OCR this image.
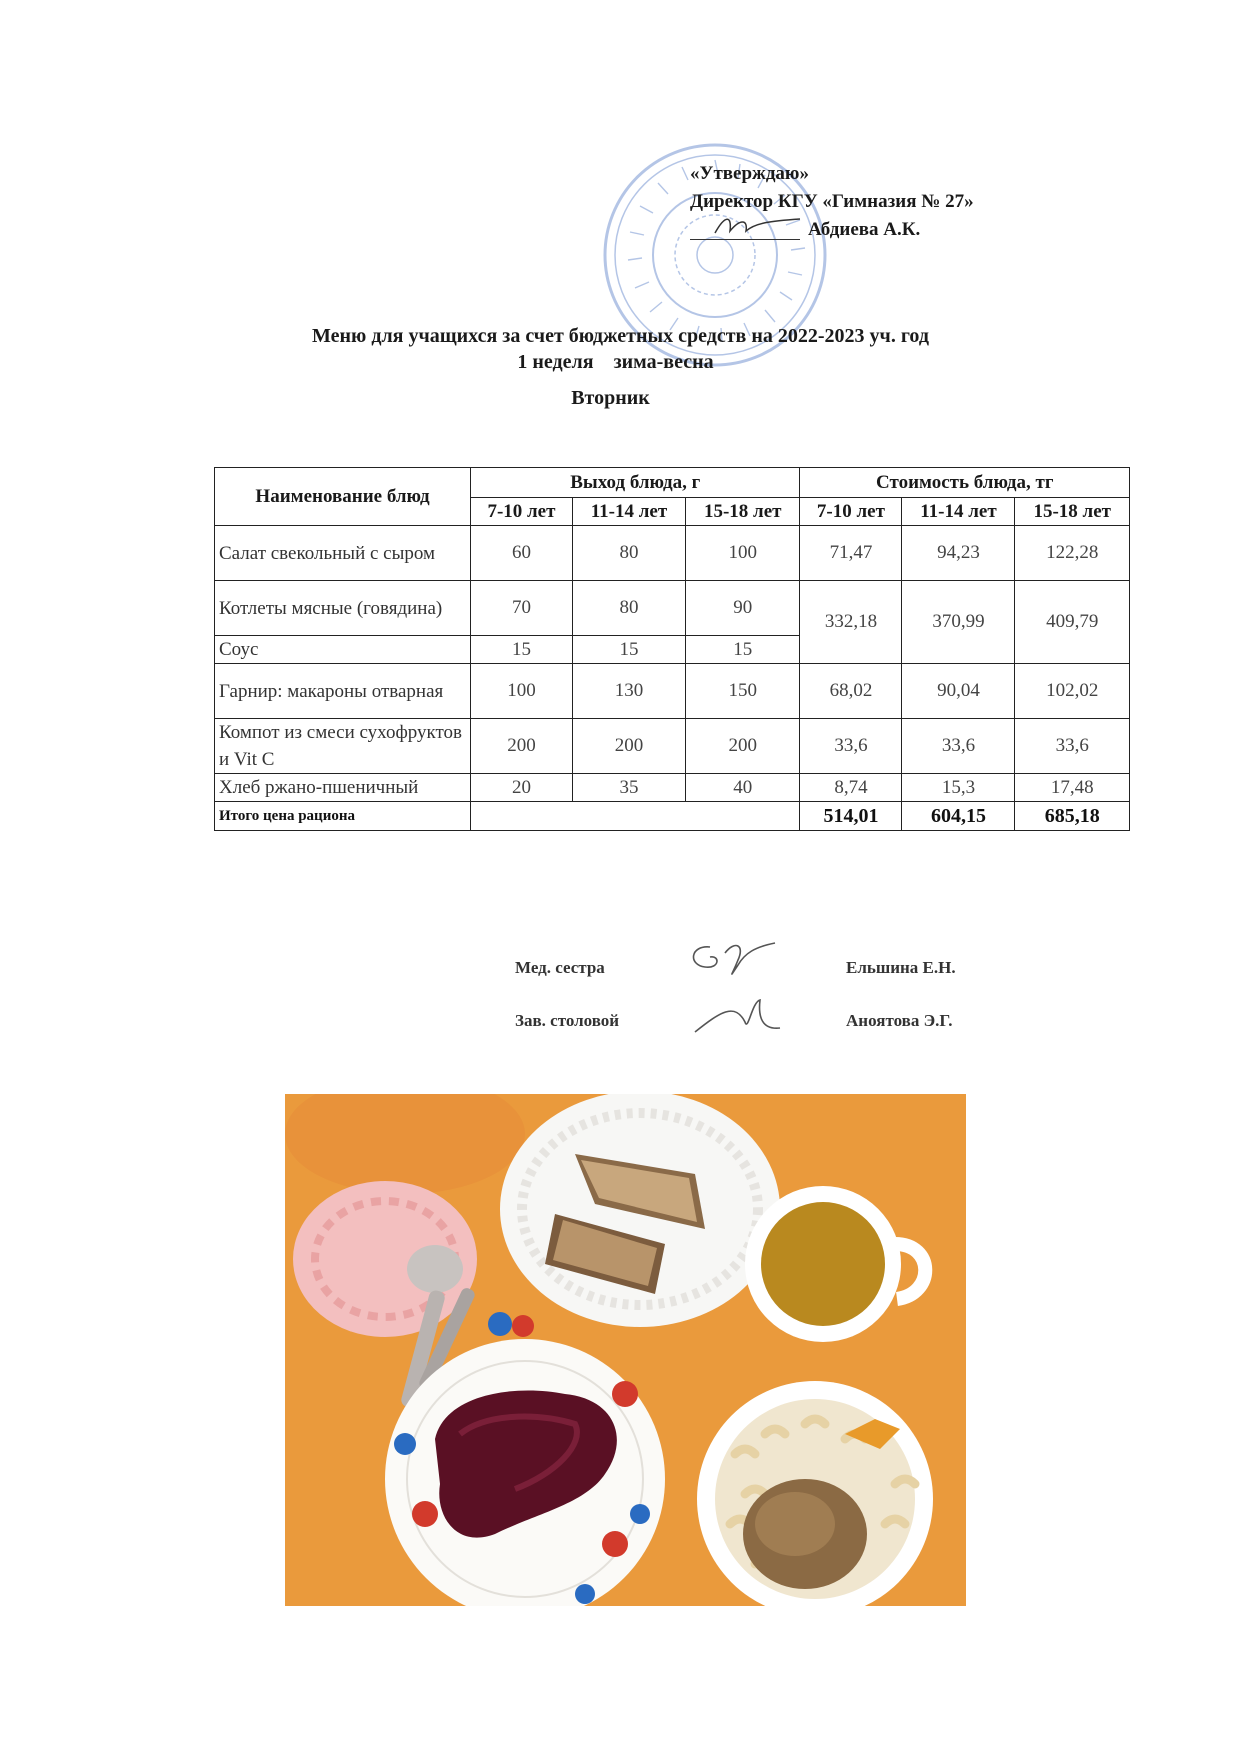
«Утверждаю»
Директор КГУ «Гимназия № 27»
Абдиева А.К.
Меню для учащихся за счет бюджетных средств на 2022-2023 уч. год
1 неделя зима-весна
Вторник
Наименование блюд	Выход блюда, г			Стоимость блюда, тг		
	7-10 лет	11-14 лет	15-18 лет	7-10 лет	11-14 лет	15-18 лет
Салат свекольный с сыром	60	80	100	71,47	94,23	122,28
Котлеты мясные (говядина)	70	80	90	332,18	370,99	409,79
Соус	15	15	15			
Гарнир: макароны отварная	100	130	150	68,02	90,04	102,02
Компот из смеси сухофруктов и Vit C	200	200	200	33,6	33,6	33,6
Хлеб ржано-пшеничный	20	35	40	8,74	15,3	17,48
Итого цена рациона				514,01	604,15	685,18
Мед. сестра	Ельшина Е.Н.
Зав. столовой	Аноятова Э.Г.
